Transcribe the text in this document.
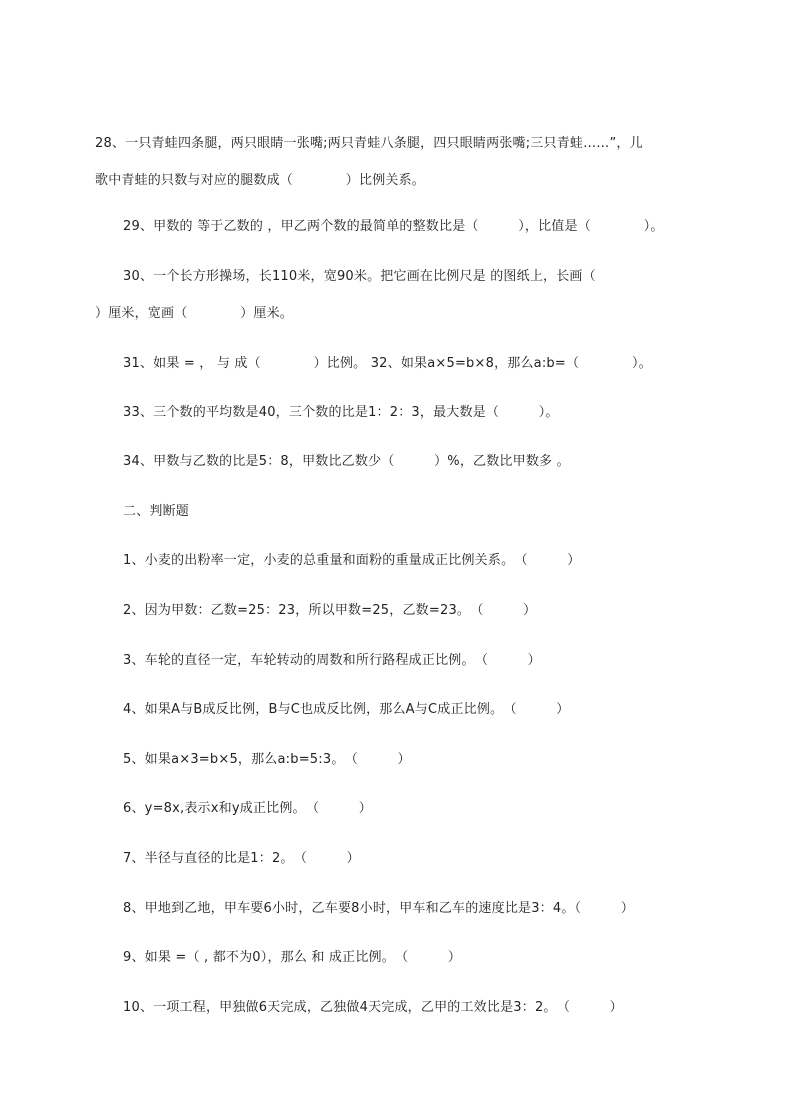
28、一只青蛙四条腿，两只眼睛一张嘴;两只青蛙八条腿，四只眼睛两张嘴;三只青蛙……”，儿
歌中青蛙的只数与对应的腿数成（　　　　）比例关系。
29、甲数的 等于乙数的 ，甲乙两个数的最简单的整数比是（　　　），比值是（　　　　）。
30、一个长方形操场，长110米，宽90米。把它画在比例尺是 的图纸上，长画（
）厘米，宽画（　　　　）厘米。
31、如果 = ， 与 成（　　　　）比例。 32、如果a×5=b×8，那么a:b=（　　　　）。
33、三个数的平均数是40，三个数的比是1：2：3，最大数是（　　　）。
34、甲数与乙数的比是5：8，甲数比乙数少（　　　）%，乙数比甲数多 。
二、判断题
1、小麦的出粉率一定，小麦的总重量和面粉的重量成正比例关系。　（　　　）
2、因为甲数：乙数=25：23，所以甲数=25，乙数=23。　（　　　）
3、车轮的直径一定，车轮转动的周数和所行路程成正比例。　（　　　）
4、如果A与B成反比例，B与C也成反比例，那么A与C成正比例。　（　　　）
5、如果a×3=b×5，那么a:b=5:3。　（　　　）
6、y=8x,表示x和y成正比例。　（　　　）
7、半径与直径的比是1：2。　（　　　）
8、甲地到乙地，甲车要6小时，乙车要8小时，甲车和乙车的速度比是3：4。（　　　）
9、如果 =（ , 都不为0），那么 和 成正比例。　（　　　）
10、一项工程，甲独做6天完成，乙独做4天完成，乙甲的工效比是3：2。　（　　　）
